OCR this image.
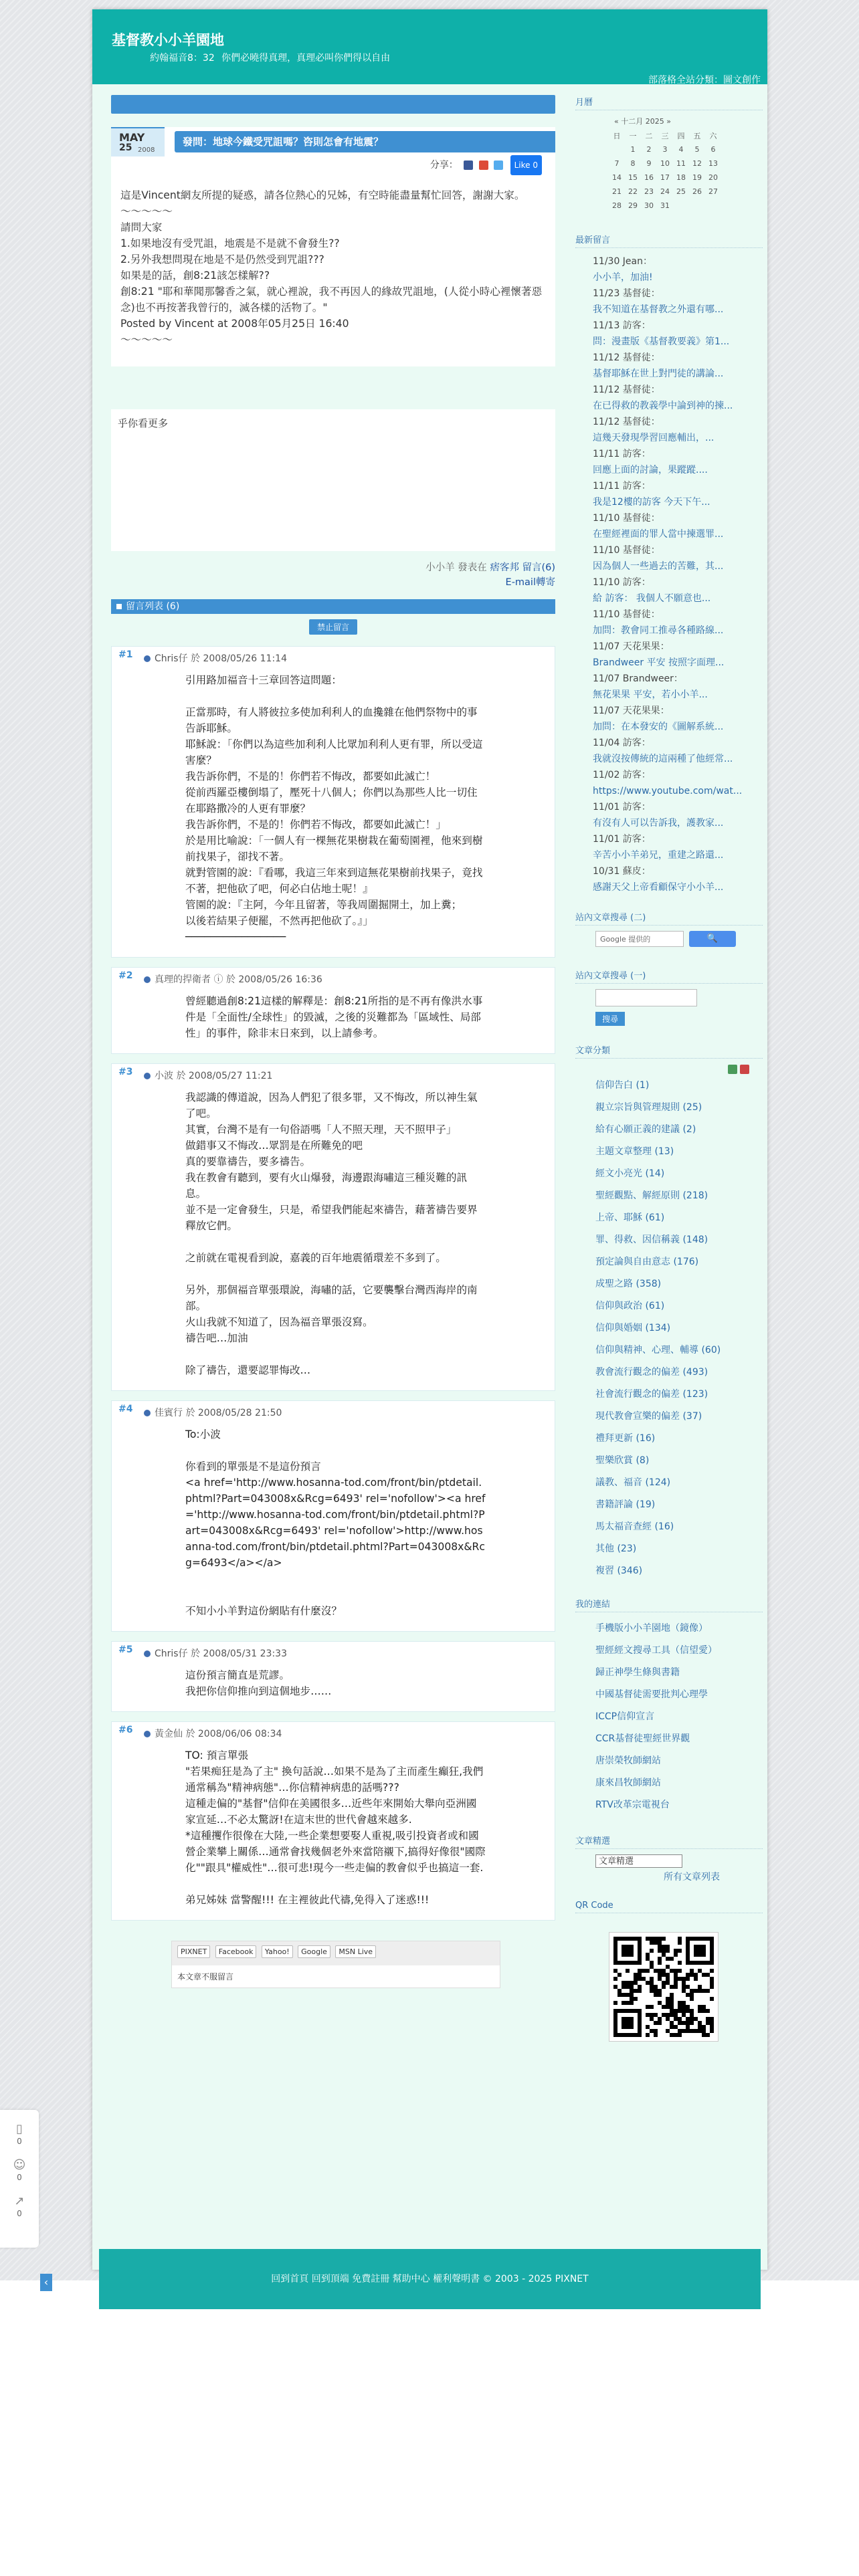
基督教小小羊園地
約翰福音8：32 你們必曉得真理，真理必叫你們得以自由
部落格全站分類：圖文創作
MAY
25 2008
發問：地球今鐵受咒詛嗎？咨則怎會有地震？
分享：	Like 0

這是Vincent網友所提的疑惑，請各位熱心的兄姊，有空時能盡量幫忙回答，謝謝大家。

～～～～～

請問大家

1.如果地沒有受咒詛，地震是不是就不會發生??

2.另外我想問現在地是不是仍然受到咒詛???

如果是的話，創8:21該怎樣解??

創8:21 "耶和華聞那馨香之氣，就心裡說，我不再因人的緣故咒詛地，(人從小時心裡懷著惡念)也不再按著我曾行的，滅各樣的活物了。"

Posted by Vincent at 2008年05月25日 16:40

～～～～～

乎你看更多
小小羊 發表在 痞客邦 留言(6)
E-mail轉寄
留言列表 (6)
禁止留言
#1	Chris仔 於 2008/05/26 11:14

引用路加福音十三章回答這問題：

正當那時，有人將彼拉多使加利利人的血攙雜在他們祭物中的事告訴耶穌。

耶穌說：「你們以為這些加利利人比眾加利利人更有罪，所以受這害麼？

我告訴你們，不是的！你們若不悔改，都要如此滅亡！

從前西羅亞樓倒塌了，壓死十八個人；你們以為那些人比一切住在耶路撒冷的人更有罪麼？

我告訴你們，不是的！你們若不悔改，都要如此滅亡！」

於是用比喻說：「一個人有一棵無花果樹栽在葡萄園裡，他來到樹前找果子，卻找不著。

就對管園的說：『看哪，我這三年來到這無花果樹前找果子，竟找不著，把他砍了吧，何必白佔地土呢！』

管園的說：『主阿，今年且留著，等我周圍掘開土，加上糞；

以後若結果子便罷，不然再把他砍了。』」

────────────────

#2	真理的捍衛者 ⓘ 於 2008/05/26 16:36

曾經聽過創8:21這樣的解釋是：創8:21所指的是不再有像洪水事件是「全面性/全球性」的毀滅，之後的災難都為「區域性、局部性」的事件，除非末日來到，以上請參考。

#3	小波 於 2008/05/27 11:21

我認識的傳道說，因為人們犯了很多罪，又不悔改，所以神生氣了吧。

其實，台灣不是有一句俗語嗎「人不照天理，天不照甲子」

做錯事又不悔改…眾罰是在所難免的吧

真的要靠禱告，要多禱告。

我在教會有聽到，要有火山爆發，海邊跟海嘯這三種災難的訊息。

並不是一定會發生，只是，希望我們能起來禱告，藉著禱告要界釋放它們。

之前就在電視看到說，嘉義的百年地震循環差不多到了。

另外，那個福音單張環說，海嘯的話，它要襲擊台灣西海岸的南部。

火山我就不知道了，因為福音單張沒寫。

禱告吧…加油

除了禱告，還要認罪悔改…

#4	佳賓行 於 2008/05/28 21:50

To:小波

你看到的單張是不是這份預言

<a href='http://www.hosanna-tod.com/front/bin/ptdetail.phtml?Part=043008x&Rcg=6493' rel='nofollow'><a href='http://www.hosanna-tod.com/front/bin/ptdetail.phtml?Part=043008x&Rcg=6493' rel='nofollow'>http://www.hosanna-tod.com/front/bin/ptdetail.phtml?Part=043008x&Rcg=6493</a></a>

不知小小羊對這份網貼有什麼沒？

#5	Chris仔 於 2008/05/31 23:33

這份預言簡直是荒謬。

我把你信仰推向到這個地步……

#6	黃金仙 於 2008/06/06 08:34

TO: 預言單張

"若果痴狂是為了主" 換句話說…如果不是為了主而產生癲狂,我們通常稱為"精神病態"…你信精神病患的話嗎???

這種走偏的"基督"信仰在美國很多…近些年來開始大舉向亞洲國家宣延…不必太驚訝!在這末世的世代會越來越多.

*這種攫作很像在大陸,一些企業想要娶人重視,吸引投資者或和國營企業攀上關係…通常會找幾個老外來當陪襯下,搞得好像很"國際化""跟具"權威性"…很可悲!現今一些走偏的教會似乎也搞這一套.

弟兄姊妹 當警醒!!! 在主裡彼此代禱,免得入了迷惑!!!

PIXNET Facebook Yahoo! Google MSN Live
本文章不服留言
月曆
« 十二月 2025 »
日	一	二	三	四	五	六
	1	2	3	4	5	6
7	8	9	10	11	12	13
14	15	16	17	18	19	20
21	22	23	24	25	26	27
28	29	30	31			
最新留言
11/30 Jean：
小小羊，加油!
11/23 基督徒：
我不知道在基督教之外還有哪...
11/13 訪客：
問：漫畫版《基督教要義》第1...
11/12 基督徒：
基督耶穌在世上對門徒的講論...
11/12 基督徒：
在已得救的教義學中論到神的揀...
11/12 基督徒：
這幾天發現學習回應輔出，...
11/11 訪客：
回應上面的討論，果蹤蹤....
11/11 訪客：
我是12樓的訪客 今天下午...
11/10 基督徒：
在聖經裡面的罪人當中揀選罪...
11/10 基督徒：
因為個人一些過去的苦難，其...
11/10 訪客：
給 訪客： 我個人不願意也...
11/10 基督徒：
加問：教會同工推尋各種路線...
11/07 天花果果：
Brandweer 平安 按照字面理...
11/07 Brandweer：
無花果果 平安，若小小羊...
11/07 天花果果：
加問：在本發安的《圖解系統...
11/04 訪客：
我就沒按傳統的這兩種了他經常...
11/02 訪客：
https://www.youtube.com/wat...
11/01 訪客：
有沒有人可以告訴我，護教家...
11/01 訪客：
辛苦小小羊弟兄，重建之路還...
10/31 蘇皮：
感謝天父上帝看顧保守小小羊...
站內文章搜尋 (二)
Google 提供的	🔍
站內文章搜尋 (一)
搜尋
文章分類
信仰告白 (1)
親立宗旨與管理規則 (25)
給有心願正義的建議 (2)
主題文章整理 (13)
經文小亮光 (14)
聖經觀點、解經原則 (218)
上帝、耶穌 (61)
罪、得救、因信稱義 (148)
預定論與自由意志 (176)
成聖之路 (358)
信仰與政治 (61)
信仰與婚姻 (134)
信仰與精神、心理、輔導 (60)
教會流行觀念的偏差 (493)
社會流行觀念的偏差 (123)
現代教會宣樂的偏差 (37)
禮拜更新 (16)
聖樂欣賞 (8)
議教、福音 (124)
書籍評論 (19)
馬太福音查經 (16)
其他 (23)
複習 (346)
我的連結
手機版小小羊園地（鏡像）
聖經經文搜尋工具（信望愛）
歸正神學生條與書籍
中國基督徒需要批判心理學
ICCP信仰宣言
CCR基督徒聖經世界觀
唐崇榮牧師網站
康來昌牧師網站
RTV改革宗電視台
文章精選
文章精選
所有文章列表
QR Code
回到首頁 回到頂端 免費註冊 幫助中心 權利聲明書 © 2003 - 2025 PIXNET
▯
0
☺
0
↗
0
‹
